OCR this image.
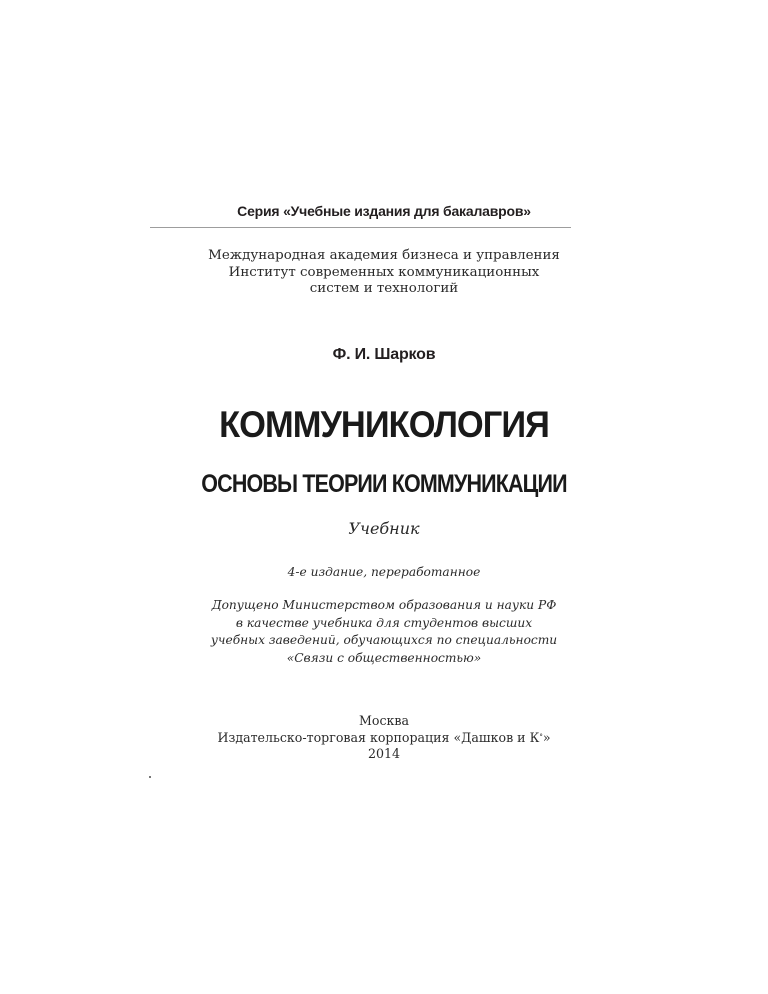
Серия «Учебные издания для бакалавров»
Международная академия бизнеса и управления
Институт современных коммуникационных
систем и технологий
Ф. И. Шарков
КОММУНИКОЛОГИЯ
ОСНОВЫ ТЕОРИИ КОММУНИКАЦИИ
Учебник
4-е издание, переработанное
Допущено Министерством образования и науки РФ
в качестве учебника для студентов высших
учебных заведений, обучающихся по специальности
«Связи с общественностью»
Москва
Издательско-торговая корпорация «Дашков и К°»
2014
